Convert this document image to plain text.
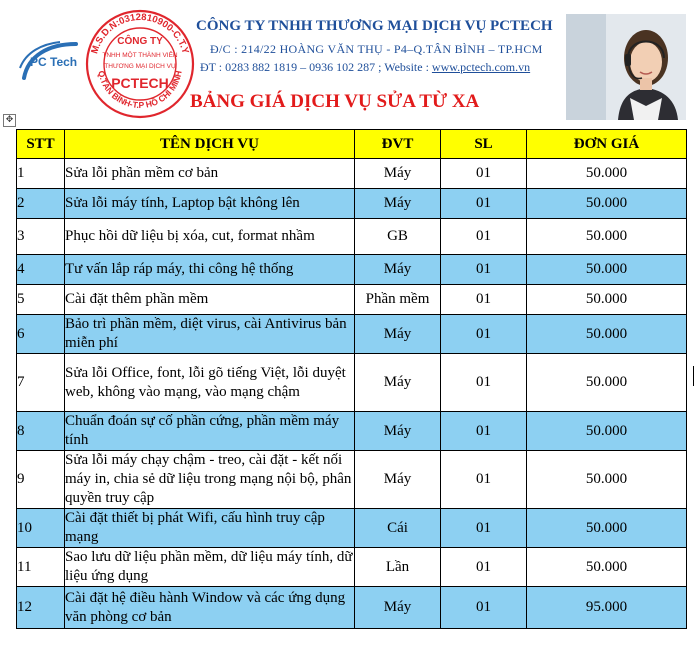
PC Tech
M.S.D.N:0312810900-C.T.Y
Q.TÂN BÌNH-T.P HỒ CHÍ MINH
CÔNG TY
TNHH MỘT THÀNH VIÊN
THƯƠNG MẠI DỊCH VỤ
PCTECH
CÔNG TY TNHH THƯƠNG MẠI DỊCH VỤ PCTECH
Đ/C : 214/22 HOÀNG VĂN THỤ - P4–Q.TÂN BÌNH – TP.HCM
ĐT : 0283 882 1819 – 0936 102 287 ; Website : www.pctech.com.vn
BẢNG GIÁ DỊCH VỤ SỬA TỪ XA
✥
STT	TÊN DỊCH VỤ	ĐVT	SL	ĐƠN GIÁ
1	Sửa lỗi phần mềm cơ bản	Máy	01	50.000
2	Sửa lỗi máy tính, Laptop bật không lên	Máy	01	50.000
3	Phục hồi dữ liệu bị xóa, cut, format nhầm	GB	01	50.000
4	Tư vấn lắp ráp máy, thi công hệ thống	Máy	01	50.000
5	Cài đặt thêm phần mềm	Phần mềm	01	50.000
6	Bảo trì phần mềm, diệt virus, cài Antivirus bản miễn phí	Máy	01	50.000
7	Sửa lỗi Office, font, lỗi gõ tiếng Việt, lỗi duyệt web, không vào mạng, vào mạng chậm	Máy	01	50.000
8	Chuẩn đoán sự cố phần cứng, phần mềm máy tính	Máy	01	50.000
9	Sửa lỗi máy chạy chậm - treo, cài đặt - kết nối máy in, chia sẻ dữ liệu trong mạng nội bộ, phân quyền truy cập	Máy	01	50.000
10	Cài đặt thiết bị phát Wifi, cấu hình truy cập mạng	Cái	01	50.000
11	Sao lưu dữ liệu phần mềm, dữ liệu máy tính, dữ liệu ứng dụng	Lần	01	50.000
12	Cài đặt hệ điều hành Window và các ứng dụng văn phòng cơ bản	Máy	01	95.000
